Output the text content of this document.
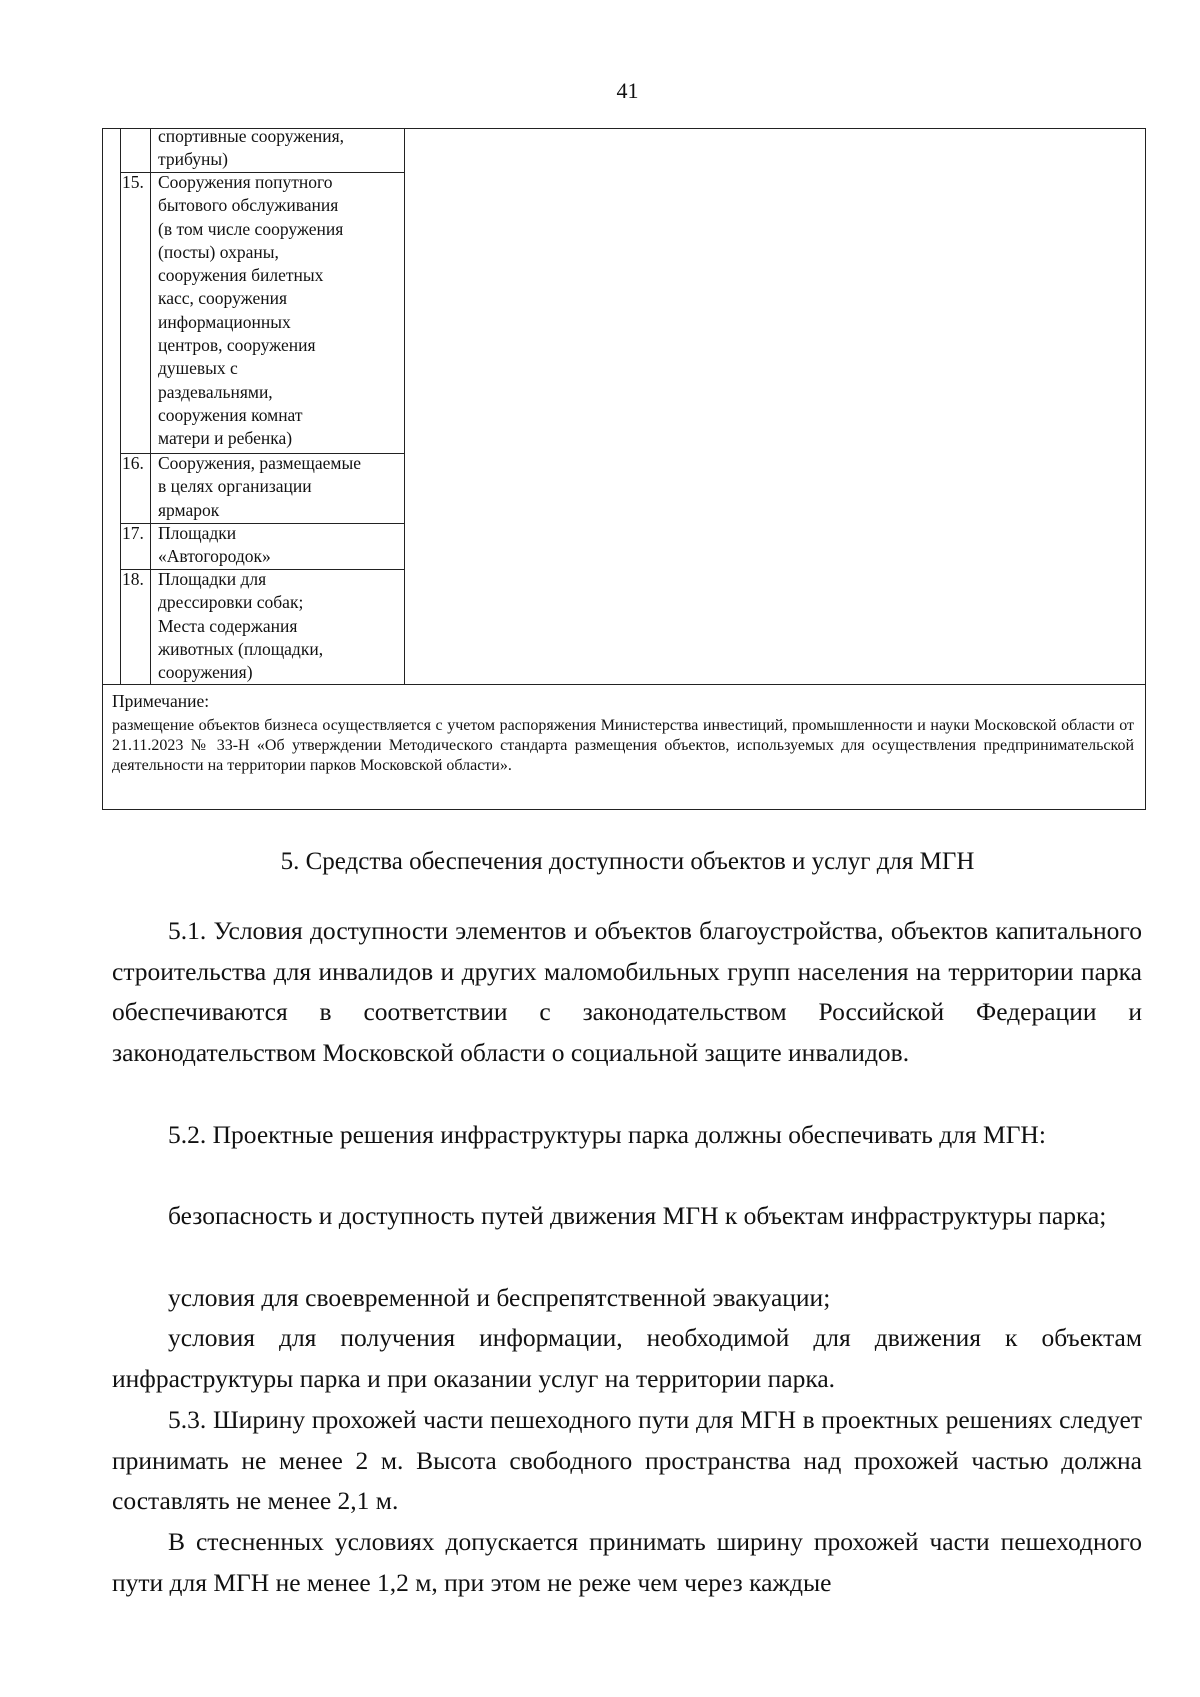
41
спортивные сооружения,
трибуны)
15. Сооружения попутного
бытового обслуживания
(в том числе сооружения
(посты) охраны,
сооружения билетных
касс, сооружения
информационных
центров, сооружения
душевых с
раздевальнями,
сооружения комнат
матери и ребенка)
16. Сооружения, размещаемые
в целях организации
ярмарок
17. Площадки
«Автогородок»
18. Площадки для
дрессировки собак;
Места содержания
животных (площадки,
сооружения)
Примечание:
размещение объектов бизнеса осуществляется с учетом распоряжения Министерства инвестиций, промышленности и науки Московской области от 21.11.2023 № 33-Н «Об утверждении Методического стандарта размещения объектов, используемых для осуществления предпринимательской деятельности на территории парков Московской области».
5. Средства обеспечения доступности объектов и услуг для МГН
5.1. Условия доступности элементов и объектов благоустройства, объектов капитального строительства для инвалидов и других маломобильных групп населения на территории парка обеспечиваются в соответствии с законодательством Российской Федерации и законодательством Московской области о социальной защите инвалидов.
5.2. Проектные решения инфраструктуры парка должны обеспечивать для МГН:
безопасность и доступность путей движения МГН к объектам инфраструктуры парка;
условия для своевременной и беспрепятственной эвакуации;
условия для получения информации, необходимой для движения к объектам инфраструктуры парка и при оказании услуг на территории парка.
5.3. Ширину прохожей части пешеходного пути для МГН в проектных решениях следует принимать не менее 2 м. Высота свободного пространства над прохожей частью должна составлять не менее 2,1 м.
В стесненных условиях допускается принимать ширину прохожей части пешеходного пути для МГН не менее 1,2 м, при этом не реже чем через каждые
